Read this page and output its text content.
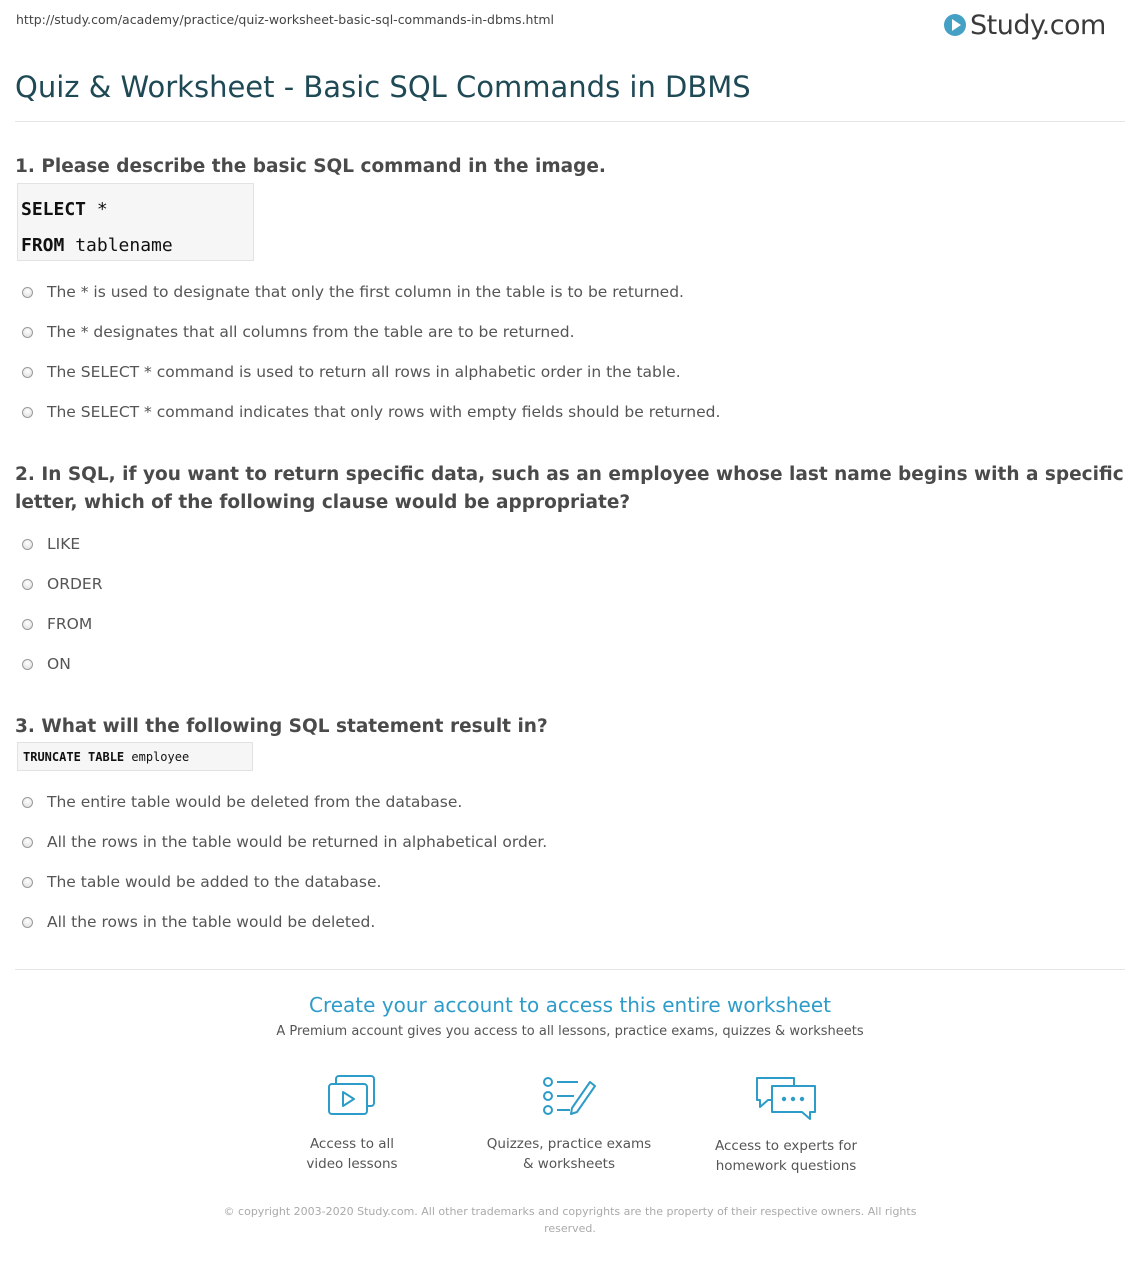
http://study.com/academy/practice/quiz-worksheet-basic-sql-commands-in-dbms.html	Study.com
Quiz & Worksheet - Basic SQL Commands in DBMS
1. Please describe the basic SQL command in the image.
SELECT *
FROM tablename
The * is used to designate that only the first column in the table is to be returned.
The * designates that all columns from the table are to be returned.
The SELECT * command is used to return all rows in alphabetic order in the table.
The SELECT * command indicates that only rows with empty fields should be returned.
2. In SQL, if you want to return specific data, such as an employee whose last name begins with a specific letter, which of the following clause would be appropriate?
LIKE
ORDER
FROM
ON
3. What will the following SQL statement result in?
TRUNCATE TABLE employee
The entire table would be deleted from the database.
All the rows in the table would be returned in alphabetical order.
The table would be added to the database.
All the rows in the table would be deleted.
Create your account to access this entire worksheet
A Premium account gives you access to all lessons, practice exams, quizzes & worksheets
Access to all
video lessons
Quizzes, practice exams
& worksheets
Access to experts for
homework questions
© copyright 2003-2020 Study.com. All other trademarks and copyrights are the property of their respective owners. All rights reserved.
